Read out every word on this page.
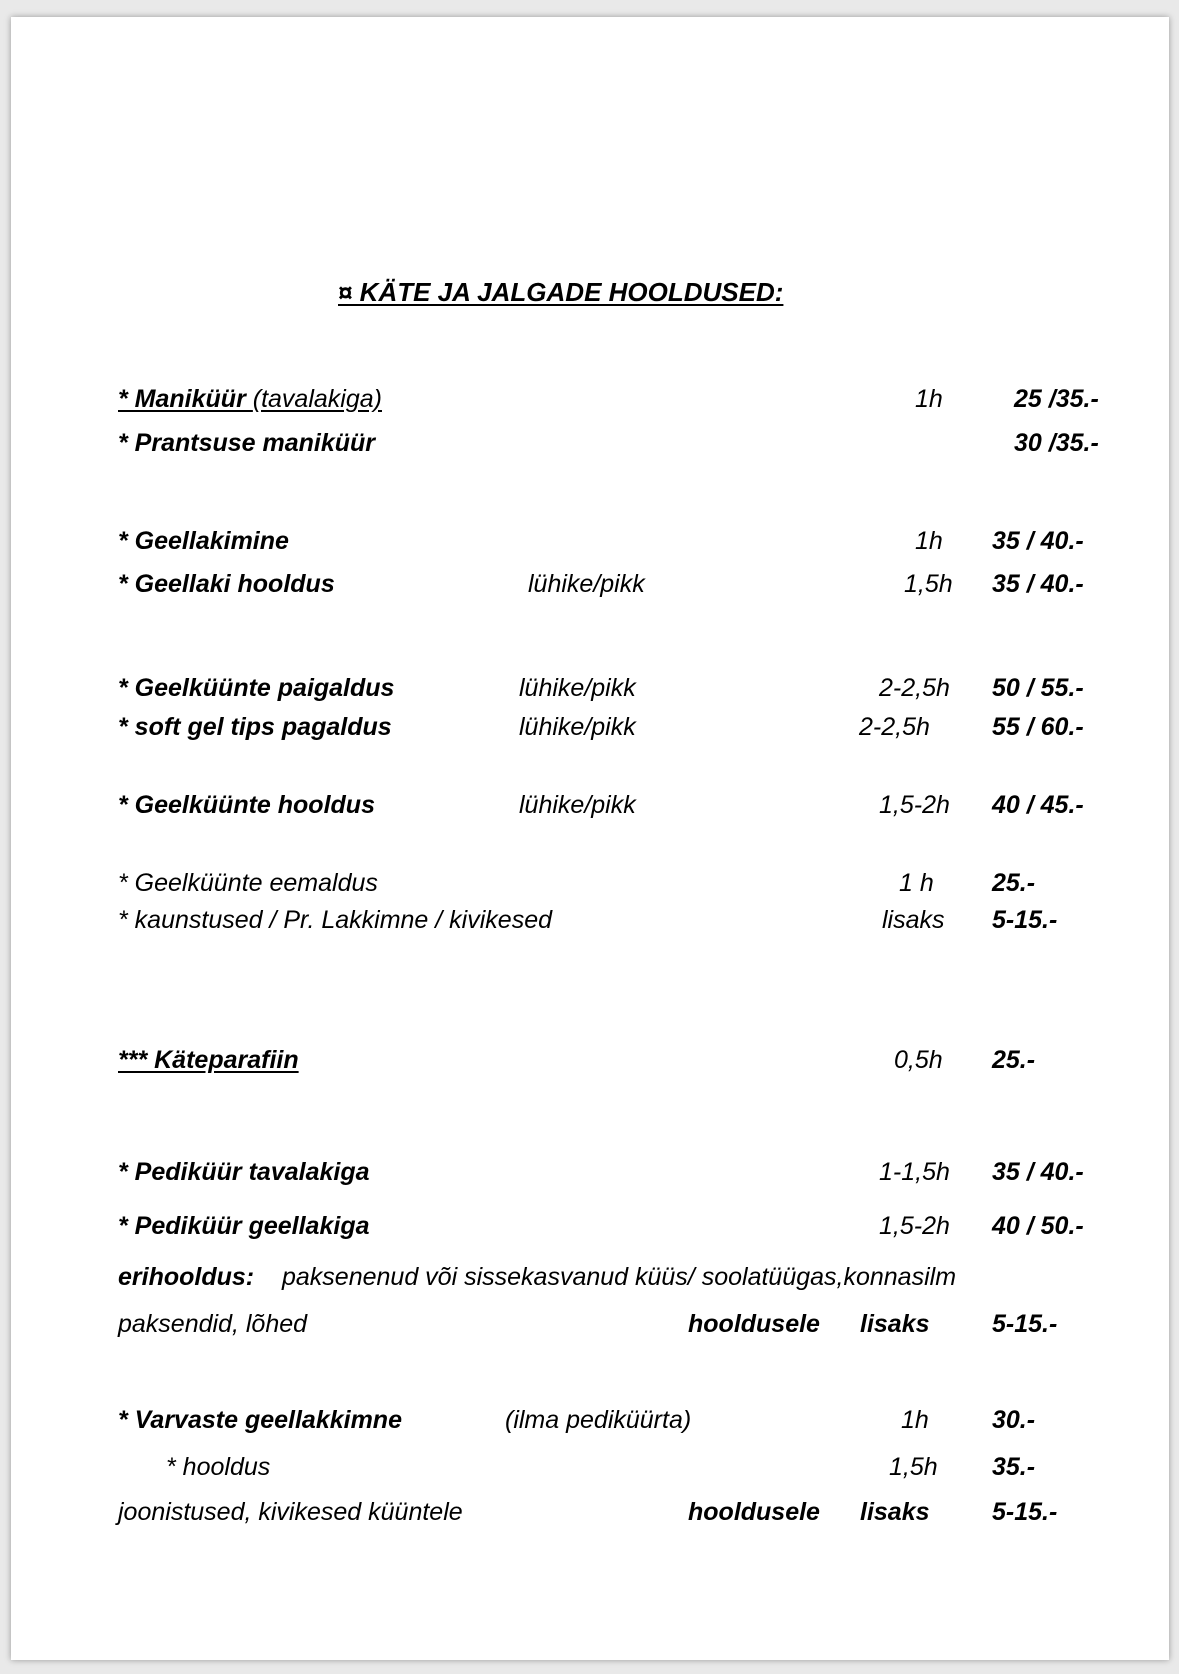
¤ KÄTE JA JALGADE HOOLDUSED:
* Maniküür (tavalakiga)	1h	25 /35.-
* Prantsuse maniküür	30 /35.-
* Geellakimine	1h 35 / 40.-
* Geellaki hooldus	lühike/pikk	1,5h 35 / 40.-
* Geelküünte paigaldus	lühike/pikk	2-2,5h 50 / 55.-
* soft gel tips pagaldus	lühike/pikk	2-2,5h 55 / 60.-
* Geelküünte hooldus	lühike/pikk	1,5-2h 40 / 45.-
* Geelküünte eemaldus	1 h 25.-
* kaunstused / Pr. Lakkimne / kivikesed	lisaks 5-15.-
*** Käteparafiin	0,5h 25.-
* Pediküür tavalakiga	1-1,5h 35 / 40.-
* Pediküür geellakiga	1,5-2h 40 / 50.-
erihooldus: paksenenud või sissekasvanud küüs/ soolatüügas,konnasilm
paksendid, lõhed	hooldusele lisaks 5-15.-
* Varvaste geellakkimne	(ilma pediküürta)	1h	30.-
* hooldus	1,5h 35.-
joonistused, kivikesed küüntele	hooldusele lisaks 5-15.-
